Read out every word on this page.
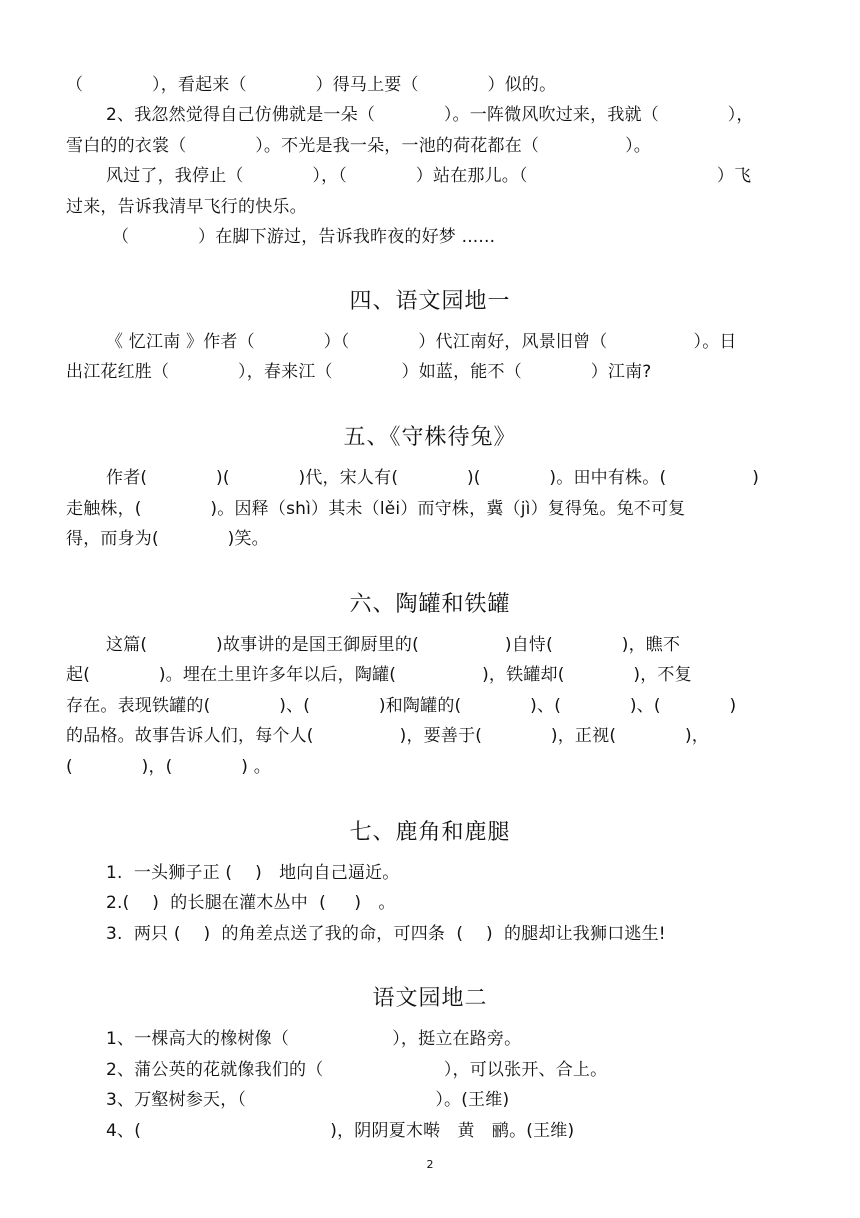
（　　　　），看起来（　　　　）得马上要（　　　　）似的。
2、我忽然觉得自己仿佛就是一朵（　　　　）。一阵微风吹过来，我就（　　　　），
雪白的的衣裳（　　　　）。不光是我一朵，一池的荷花都在（　　　　　）。
风过了，我停止（　　　　），（　　　　）站在那儿。（　　　　　　　　　　　）飞
过来，告诉我清早飞行的快乐。
（　　　　）在脚下游过，告诉我昨夜的好梦 ......
四、语文园地一
《 忆江南 》作者（　　　　）（　　　　）代江南好，风景旧曾（　　　　　）。日
出江花红胜（　　　　），春来江（　　　　）如蓝，能不（　　　　）江南?
五、《守株待兔》
作者(　　　　)(　　　　)代，宋人有(　　　　)(　　　　)。田中有株。(　　　　　)
走触株，(　　　　)。因释（shì）其未（lěi）而守株，冀（jì）复得兔。兔不可复
得，而身为(　　　　)笑。
六、陶罐和铁罐
这篇(　　　　)故事讲的是国王御厨里的(　　　　　)自恃(　　　　)，瞧不
起(　　　　)。埋在土里许多年以后，陶罐(　　　　　)，铁罐却(　　　　)，不复
存在。表现铁罐的(　　　　)、(　　　　)和陶罐的(　　　　)、(　　　　)、(　　　　)
的品格。故事告诉人们，每个人(　　　　　)，要善于(　　　　)，正视(　　　　)，
(　　　　)，(　　　　) 。
七、鹿角和鹿腿
1.  一头狮子正 (　 )　地向自己逼近。
2.(　 )  的长腿在灌木丛中  (　  )　。
3.  两只 (　 )  的角差点送了我的命，可四条  (　 )  的腿却让我狮口逃生!
语文园地二
1、一棵高大的橡树像（　　　　　　），挺立在路旁。
2、蒲公英的花就像我们的（　　　　　　　），可以张开、合上。
3、万壑树参天，（　　　　　　　　　　　）。(王维)
4、(　　　　　　　　　　　)，阴阴夏木啭　黄　鹂。(王维)
2
